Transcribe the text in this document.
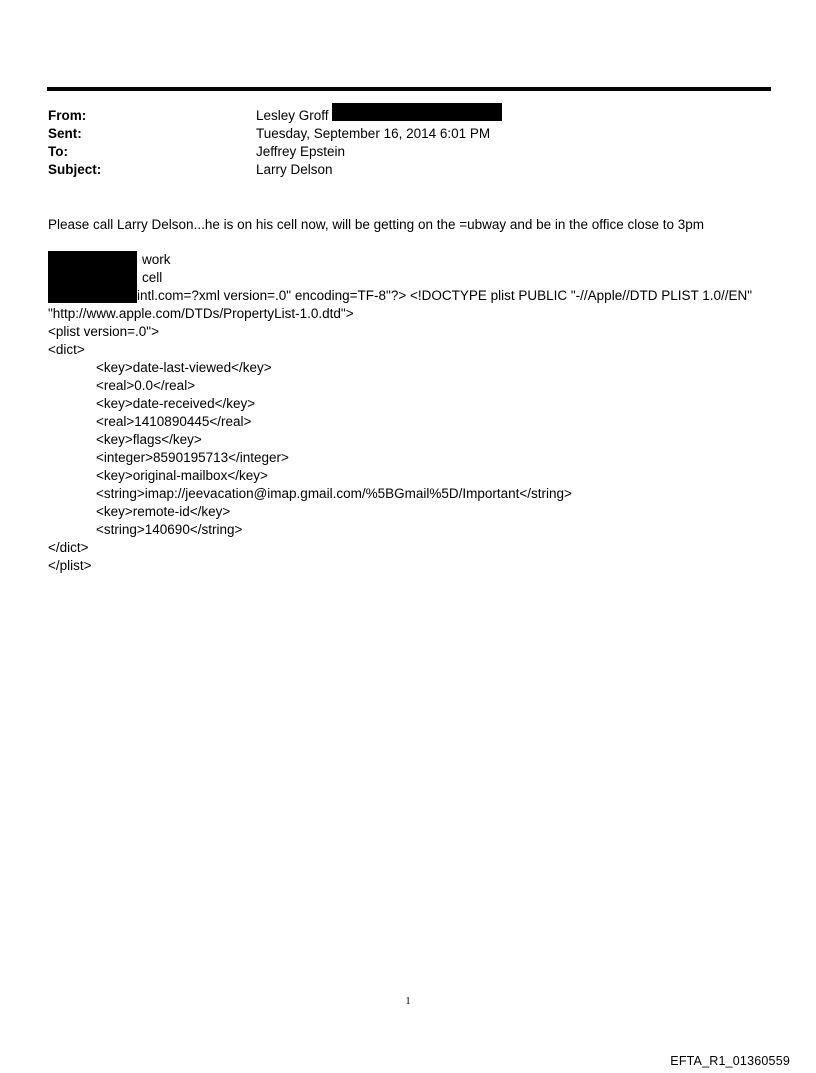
From:	Lesley Groff
Sent:	Tuesday, September 16, 2014 6:01 PM
To:	Jeffrey Epstein
Subject:	Larry Delson

Please call Larry Delson...he is on his cell now, will be getting on the =ubway and be in the office close to 3pm

work
cell
intl.com=?xml version=.0" encoding=TF-8"?> <!DOCTYPE plist PUBLIC "-//Apple//DTD PLIST 1.0//EN"
"http://www.apple.com/DTDs/PropertyList-1.0.dtd">
<plist version=.0">
<dict>
<key>date-last-viewed</key>
<real>0.0</real>
<key>date-received</key>
<real>1410890445</real>
<key>flags</key>
<integer>8590195713</integer>
<key>original-mailbox</key>
<string>imap://jeevacation@imap.gmail.com/%5BGmail%5D/Important</string>
<key>remote-id</key>
<string>140690</string>
</dict>
</plist>
1
EFTA_R1_01360559
